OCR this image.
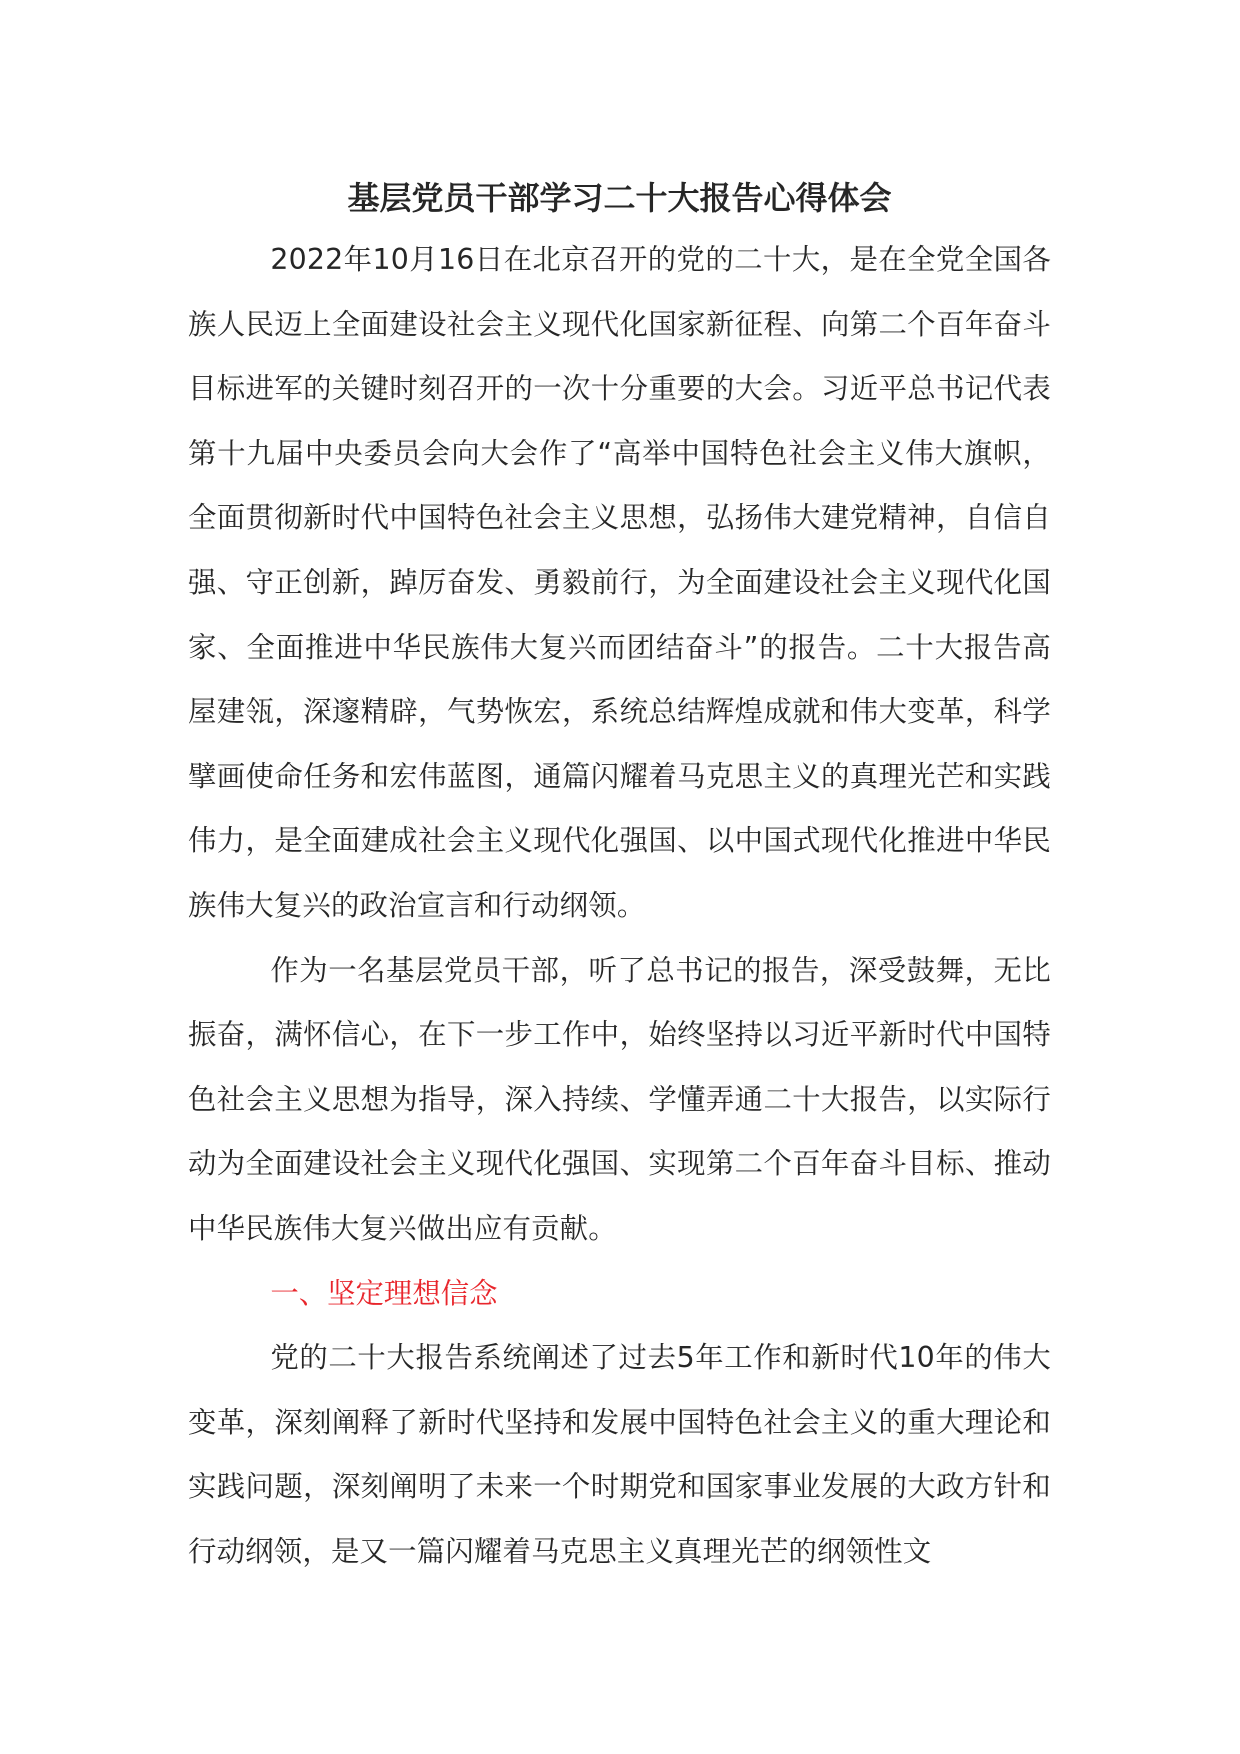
基层党员干部学习二十大报告心得体会

2022年10月16日在北京召开的党的二十大，是在全党全国各族人民迈上全面建设社会主义现代化国家新征程、向第二个百年奋斗目标进军的关键时刻召开的一次十分重要的大会。习近平总书记代表第十九届中央委员会向大会作了“高举中国特色社会主义伟大旗帜，全面贯彻新时代中国特色社会主义思想，弘扬伟大建党精神，自信自强、守正创新，踔厉奋发、勇毅前行，为全面建设社会主义现代化国家、全面推进中华民族伟大复兴而团结奋斗”的报告。二十大报告高屋建瓴，深邃精辟，气势恢宏，系统总结辉煌成就和伟大变革，科学擘画使命任务和宏伟蓝图，通篇闪耀着马克思主义的真理光芒和实践伟力，是全面建成社会主义现代化强国、以中国式现代化推进中华民族伟大复兴的政治宣言和行动纲领。

作为一名基层党员干部，听了总书记的报告，深受鼓舞，无比振奋，满怀信心，在下一步工作中，始终坚持以习近平新时代中国特色社会主义思想为指导，深入持续、学懂弄通二十大报告，以实际行动为全面建设社会主义现代化强国、实现第二个百年奋斗目标、推动中华民族伟大复兴做出应有贡献。

一、坚定理想信念

党的二十大报告系统阐述了过去5年工作和新时代10年的伟大变革，深刻阐释了新时代坚持和发展中国特色社会主义的重大理论和实践问题，深刻阐明了未来一个时期党和国家事业发展的大政方针和行动纲领，是又一篇闪耀着马克思主义真理光芒的纲领性文
